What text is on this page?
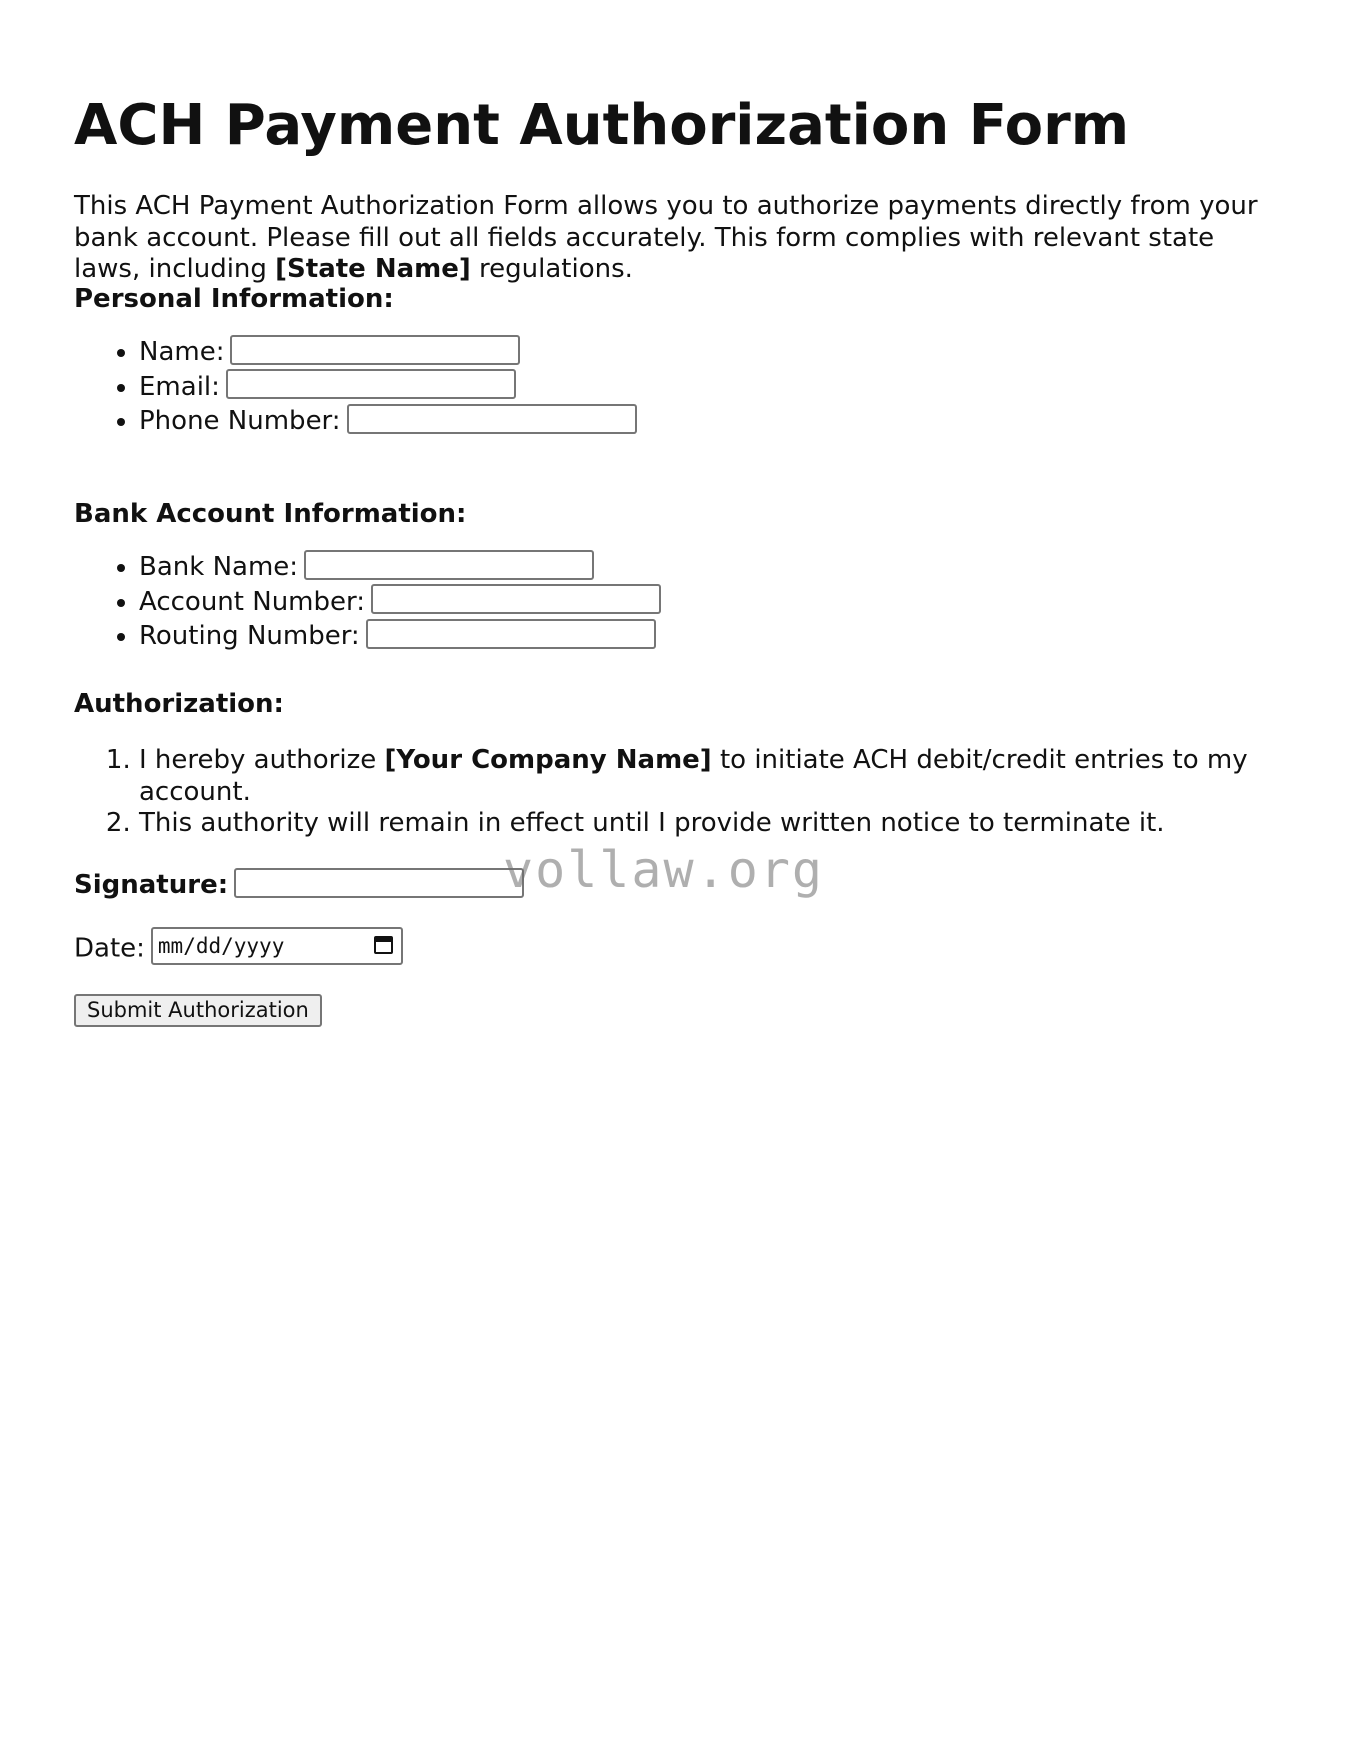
ACH Payment Authorization Form

This ACH Payment Authorization Form allows you to authorize payments directly from your bank account. Please fill out all fields accurately. This form complies with relevant state laws, including [State Name] regulations.

Personal Information:
• Name:
• Email:
• Phone Number:
Bank Account Information:
• Bank Name:
• Account Number:
• Routing Number:
Authorization:
1. I hereby authorize [Your Company Name] to initiate ACH debit/credit entries to my account.
2. This authority will remain in effect until I provide written notice to terminate it.
Signature:
Date: mm/dd/yyyy
Submit Authorization
vollaw.org
